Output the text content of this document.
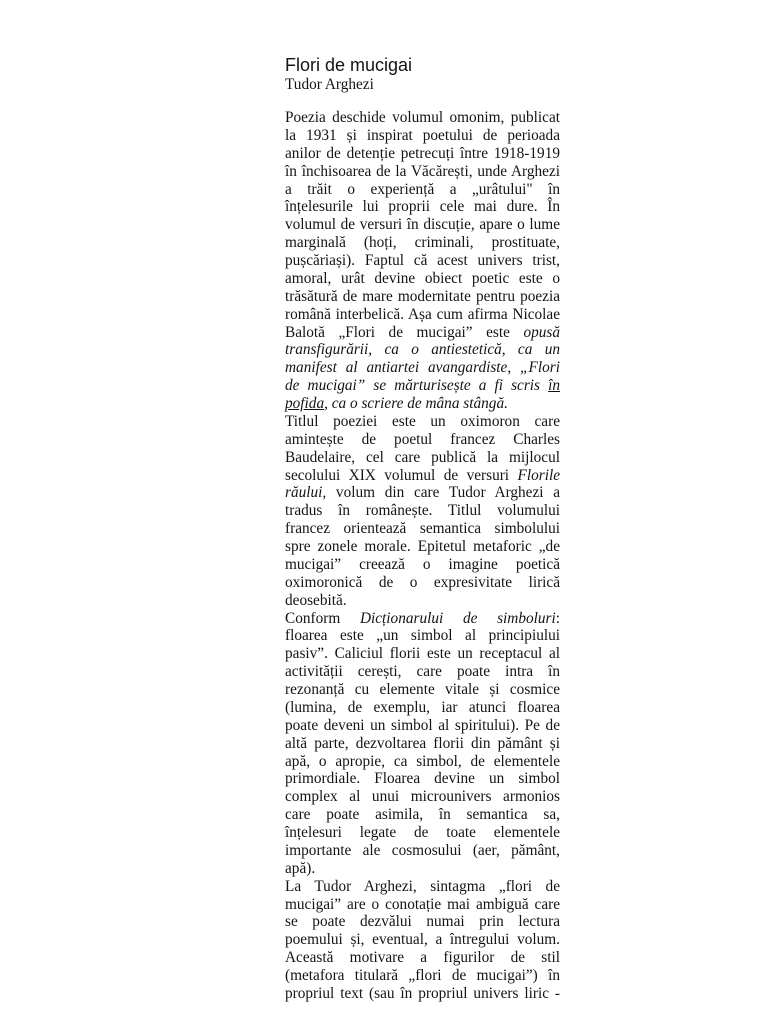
Flori de mucigai
Tudor Arghezi
Poezia deschide volumul omonim, publicat
la 1931 și inspirat poetului de perioada
anilor de detenție petrecuți între 1918-1919
în închisoarea de la Văcărești, unde Arghezi
a trăit o experiență a „urâtului" în
înțelesurile lui proprii cele mai dure. În
volumul de versuri în discuție, apare o lume
marginală (hoți, criminali, prostituate,
pușcăriași). Faptul că acest univers trist,
amoral, urât devine obiect poetic este o
trăsătură de mare modernitate pentru poezia
română interbelică. Așa cum afirma Nicolae
Balotă „Flori de mucigai” este opusă
transfigurării, ca o antiestetică, ca un
manifest al antiartei avangardiste, „Flori
de mucigai” se mărturisește a fi scris în
pofida, ca o scriere de mâna stângă.
Titlul poeziei este un oximoron care
amintește de poetul francez Charles
Baudelaire, cel care publică la mijlocul
secolului XIX volumul de versuri Florile
răului, volum din care Tudor Arghezi a
tradus în românește. Titlul volumului
francez orientează semantica simbolului
spre zonele morale. Epitetul metaforic „de
mucigai” creează o imagine poetică
oximoronică de o expresivitate lirică
deosebită.
Conform Dicționarului de simboluri:
floarea este „un simbol al principiului
pasiv”. Caliciul florii este un receptacul al
activității cerești, care poate intra în
rezonanță cu elemente vitale și cosmice
(lumina, de exemplu, iar atunci floarea
poate deveni un simbol al spiritului). Pe de
altă parte, dezvoltarea florii din pământ și
apă, o apropie, ca simbol, de elementele
primordiale. Floarea devine un simbol
complex al unui microunivers armonios
care poate asimila, în semantica sa,
înțelesuri legate de toate elementele
importante ale cosmosului (aer, pământ,
apă).
La Tudor Arghezi, sintagma „flori de
mucigai” are o conotație mai ambiguă care
se poate dezvălui numai prin lectura
poemului și, eventual, a întregului volum.
Această motivare a figurilor de stil
(metafora titulară „flori de mucigai”) în
propriul text (sau în propriul univers liric -
